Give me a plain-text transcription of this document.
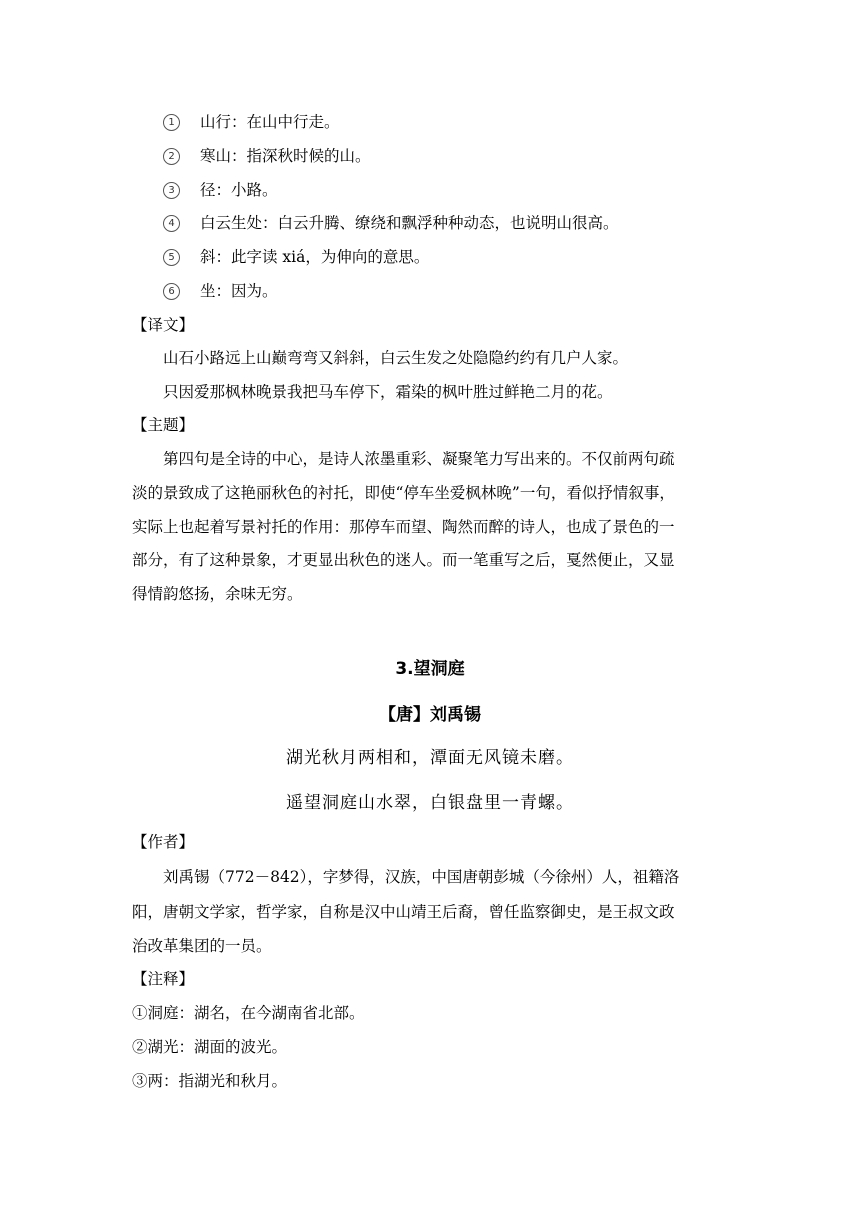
1 山行：在山中行走。
2 寒山：指深秋时候的山。
3 径：小路。
4 白云生处：白云升腾、缭绕和飘浮种种动态，也说明山很高。
5 斜：此字读 xiá，为伸向的意思。
6 坐：因为。
【译文】
山石小路远上山巅弯弯又斜斜，白云生发之处隐隐约约有几户人家。
只因爱那枫林晚景我把马车停下，霜染的枫叶胜过鲜艳二月的花。
【主题】
第四句是全诗的中心，是诗人浓墨重彩、凝聚笔力写出来的。不仅前两句疏
淡的景致成了这艳丽秋色的衬托，即使“停车坐爱枫林晚”一句，看似抒情叙事，
实际上也起着写景衬托的作用：那停车而望、陶然而醉的诗人，也成了景色的一
部分，有了这种景象，才更显出秋色的迷人。而一笔重写之后，戛然便止，又显
得情韵悠扬，余味无穷。
3.望洞庭
【唐】刘禹锡
湖光秋月两相和，潭面无风镜未磨。
遥望洞庭山水翠，白银盘里一青螺。
【作者】
刘禹锡（772－842），字梦得，汉族，中国唐朝彭城（今徐州）人，祖籍洛
阳，唐朝文学家，哲学家，自称是汉中山靖王后裔，曾任监察御史，是王叔文政
治改革集团的一员。
【注释】
①洞庭：湖名，在今湖南省北部。
②湖光：湖面的波光。
③两：指湖光和秋月。
